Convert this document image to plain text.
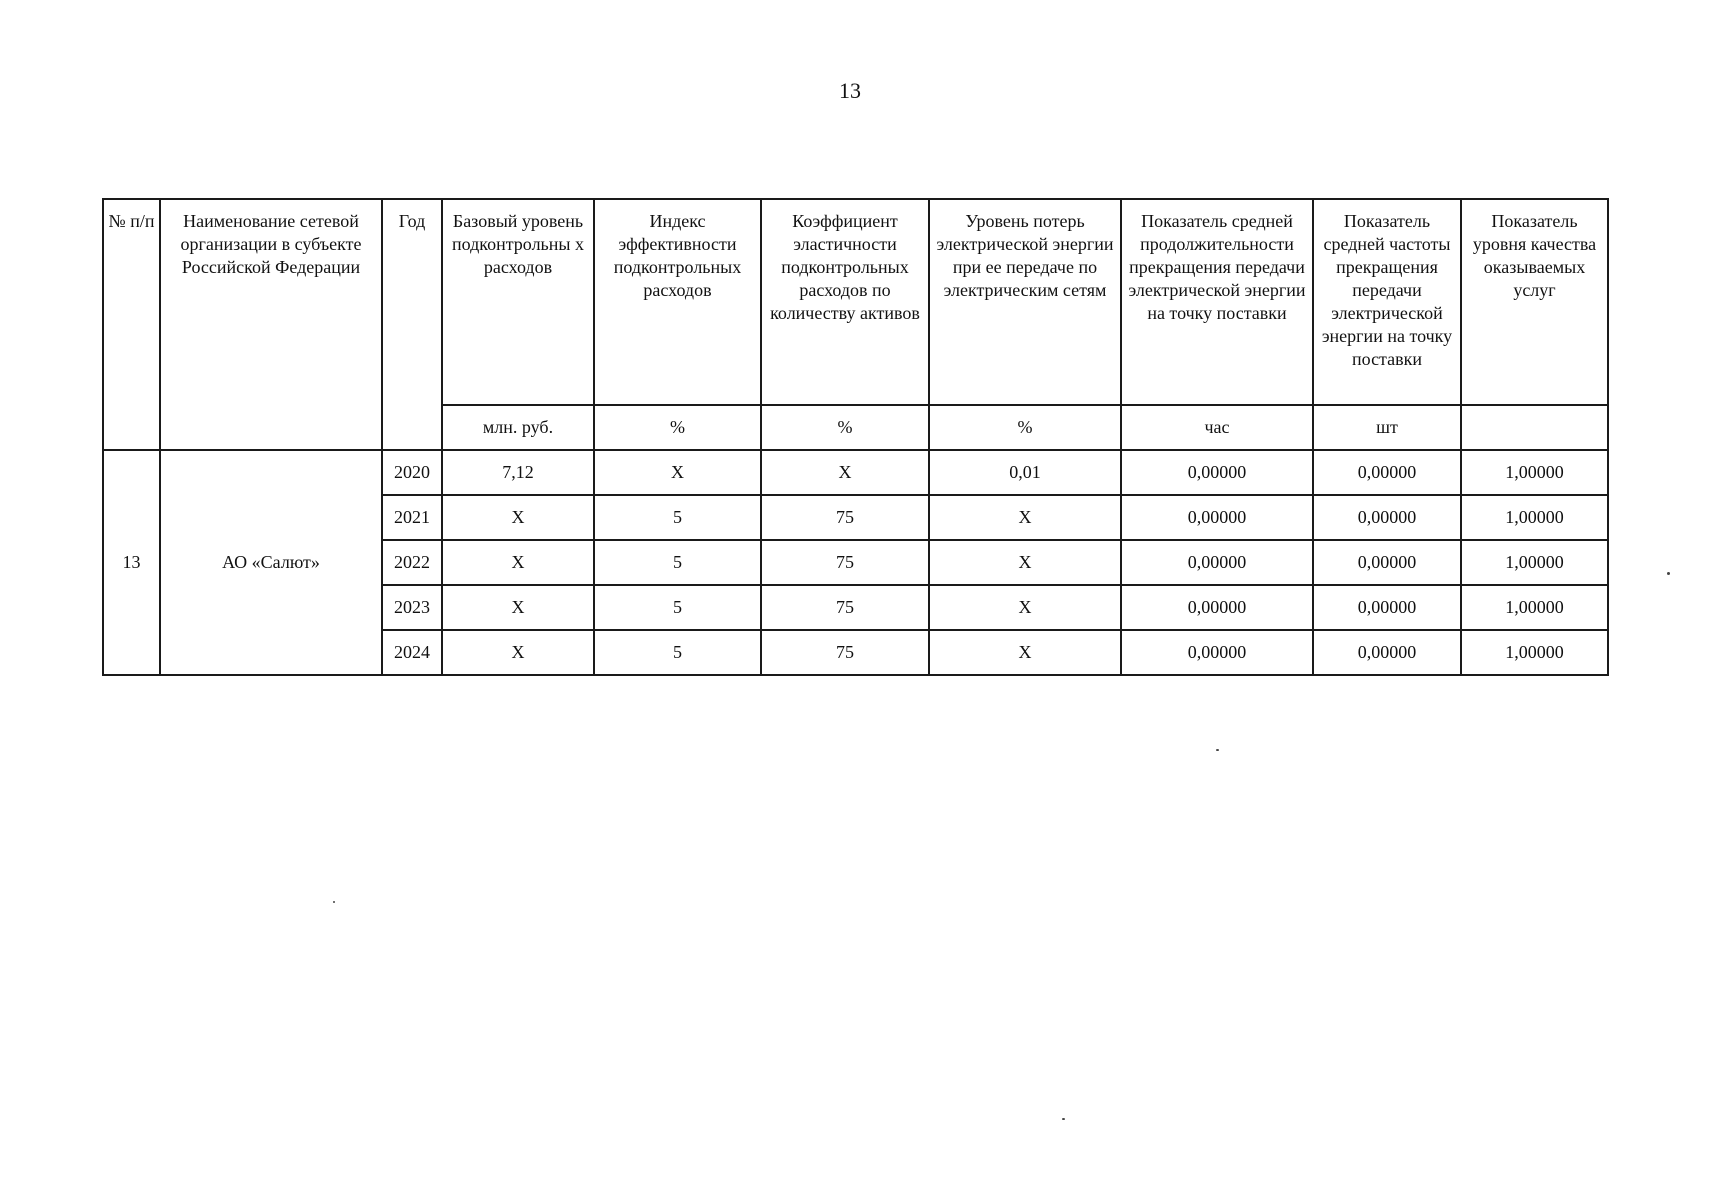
13
№ п/п	Наименование сетевой организации в субъекте Российской Федерации	Год	Базовый уровень подконтрольны х расходов	Индекс эффективности подконтрольных расходов	Коэффициент эластичности подконтрольных расходов по количеству активов	Уровень потерь электрической энергии при ее передаче по электрическим сетям	Показатель средней продолжительности прекращения передачи электрической энергии на точку поставки	Показатель средней частоты прекращения передачи электрической энергии на точку поставки	Показатель уровня качества оказываемых услуг
			млн. руб.	%	%	%	час	шт	
13	АО «Салют»	2020	7,12	X	X	0,01	0,00000	0,00000	1,00000
		2021	X	5	75	X	0,00000	0,00000	1,00000
		2022	X	5	75	X	0,00000	0,00000	1,00000
		2023	X	5	75	X	0,00000	0,00000	1,00000
		2024	X	5	75	X	0,00000	0,00000	1,00000
